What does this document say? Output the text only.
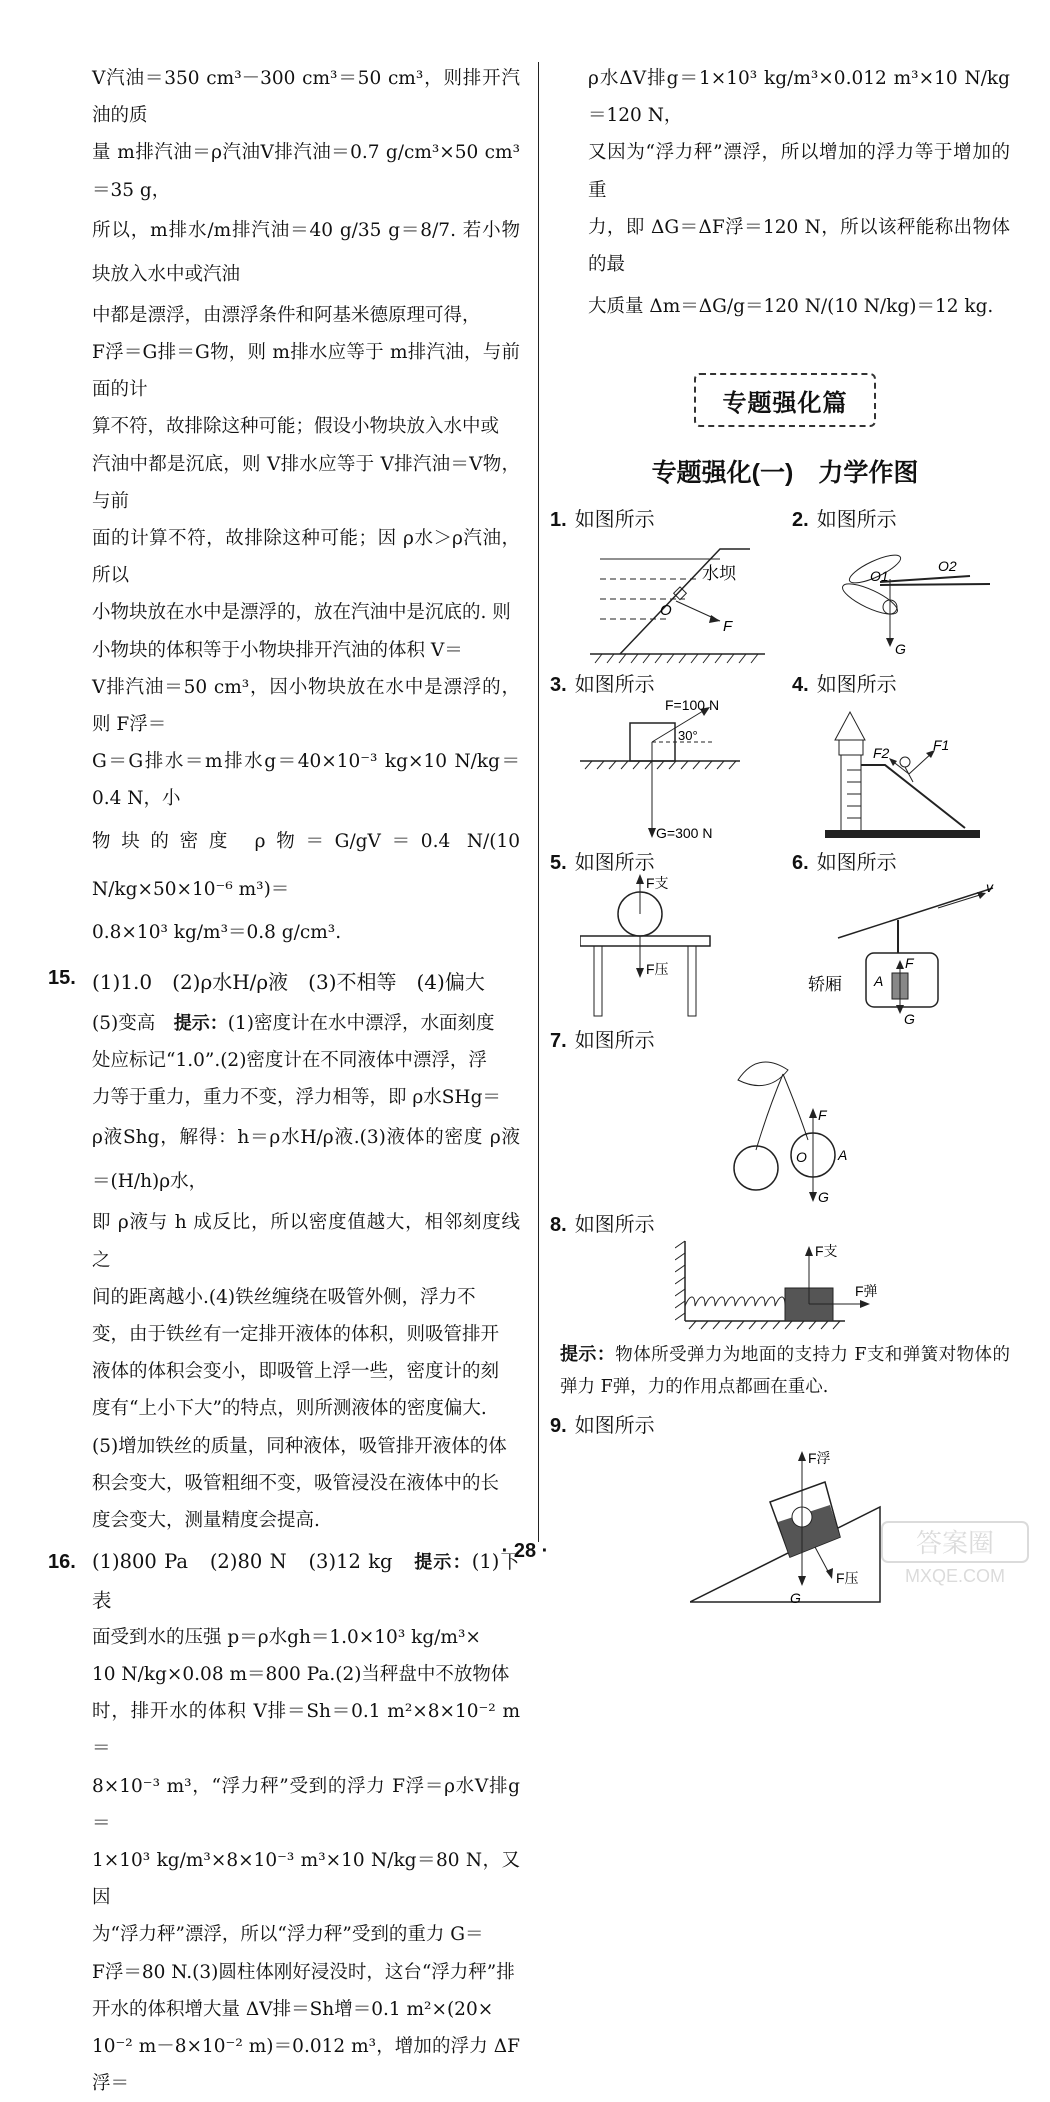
V汽油＝350 cm³－300 cm³＝50 cm³，则排开汽油的质

量 m排汽油＝ρ汽油V排汽油＝0.7 g/cm³×50 cm³＝35 g，

所以，m排水/m排汽油＝40 g/35 g＝8/7. 若小物块放入水中或汽油

中都是漂浮，由漂浮条件和阿基米德原理可得，

F浮＝G排＝G物，则 m排水应等于 m排汽油，与前面的计

算不符，故排除这种可能；假设小物块放入水中或

汽油中都是沉底，则 V排水应等于 V排汽油＝V物，与前

面的计算不符，故排除这种可能；因 ρ水＞ρ汽油，所以

小物块放在水中是漂浮的，放在汽油中是沉底的. 则

小物块的体积等于小物块排开汽油的体积 V＝

V排汽油＝50 cm³，因小物块放在水中是漂浮的，则 F浮＝

G＝G排水＝m排水g＝40×10⁻³ kg×10 N/kg＝0.4 N，小

物块的密度 ρ物＝G/gV＝0.4 N/(10 N/kg×50×10⁻⁶ m³)＝

0.8×10³ kg/m³＝0.8 g/cm³.

15. (1)1.0　(2)ρ水H/ρ液　(3)不相等　(4)偏大

(5)变高　 提示：(1)密度计在水中漂浮，水面刻度

处应标记“1.0”.(2)密度计在不同液体中漂浮，浮

力等于重力，重力不变，浮力相等，即 ρ水SHg＝

ρ液Shg，解得：h＝ρ水H/ρ液.(3)液体的密度 ρ液＝(H/h)ρ水，

即 ρ液与 h 成反比，所以密度值越大，相邻刻度线之

间的距离越小.(4)铁丝缠绕在吸管外侧，浮力不

变，由于铁丝有一定排开液体的体积，则吸管排开

液体的体积会变小，即吸管上浮一些，密度计的刻

度有“上小下大”的特点，则所测液体的密度偏大.

(5)增加铁丝的质量，同种液体，吸管排开液体的体

积会变大，吸管粗细不变，吸管浸没在液体中的长

度会变大，测量精度会提高.

16. (1)800 Pa　(2)80 N　(3)12 kg　 提示：(1)下表

面受到水的压强 p＝ρ水gh＝1.0×10³ kg/m³×

10 N/kg×0.08 m＝800 Pa.(2)当秤盘中不放物体

时，排开水的体积 V排＝Sh＝0.1 m²×8×10⁻² m＝

8×10⁻³ m³，“浮力秤”受到的浮力 F浮＝ρ水V排g＝

1×10³ kg/m³×8×10⁻³ m³×10 N/kg＝80 N，又因

为“浮力秤”漂浮，所以“浮力秤”受到的重力 G＝

F浮＝80 N.(3)圆柱体刚好浸没时，这台“浮力秤”排

开水的体积增大量 ΔV排＝Sh增＝0.1 m²×(20×

10⁻² m－8×10⁻² m)＝0.012 m³，增加的浮力 ΔF浮＝

ρ水ΔV排g＝1×10³ kg/m³×0.012 m³×10 N/kg＝120 N，

又因为“浮力秤”漂浮，所以增加的浮力等于增加的重

力，即 ΔG＝ΔF浮＝120 N，所以该秤能称出物体的最

大质量 Δm＝ΔG/g＝120 N/(10 N/kg)＝12 kg.

专题强化篇
专题强化(一)　力学作图

1. 如图所示	2. 如图所示

水坝
O
F
O1
O2
G

3. 如图所示	4. 如图所示

F=100 N
30°
G=300 N
F1
F2

5. 如图所示	6. 如图所示

F支
F压
v
轿厢 A
F
G

7. 如图所示

F
O A
G

8. 如图所示

F支
F弹

提示：物体所受弹力为地面的支持力 F支和弹簧对物体的弹力 F弹，力的作用点都画在重心.

9. 如图所示

F浮
G
F压
· 28 ·	答案圈
MXQE.COM
